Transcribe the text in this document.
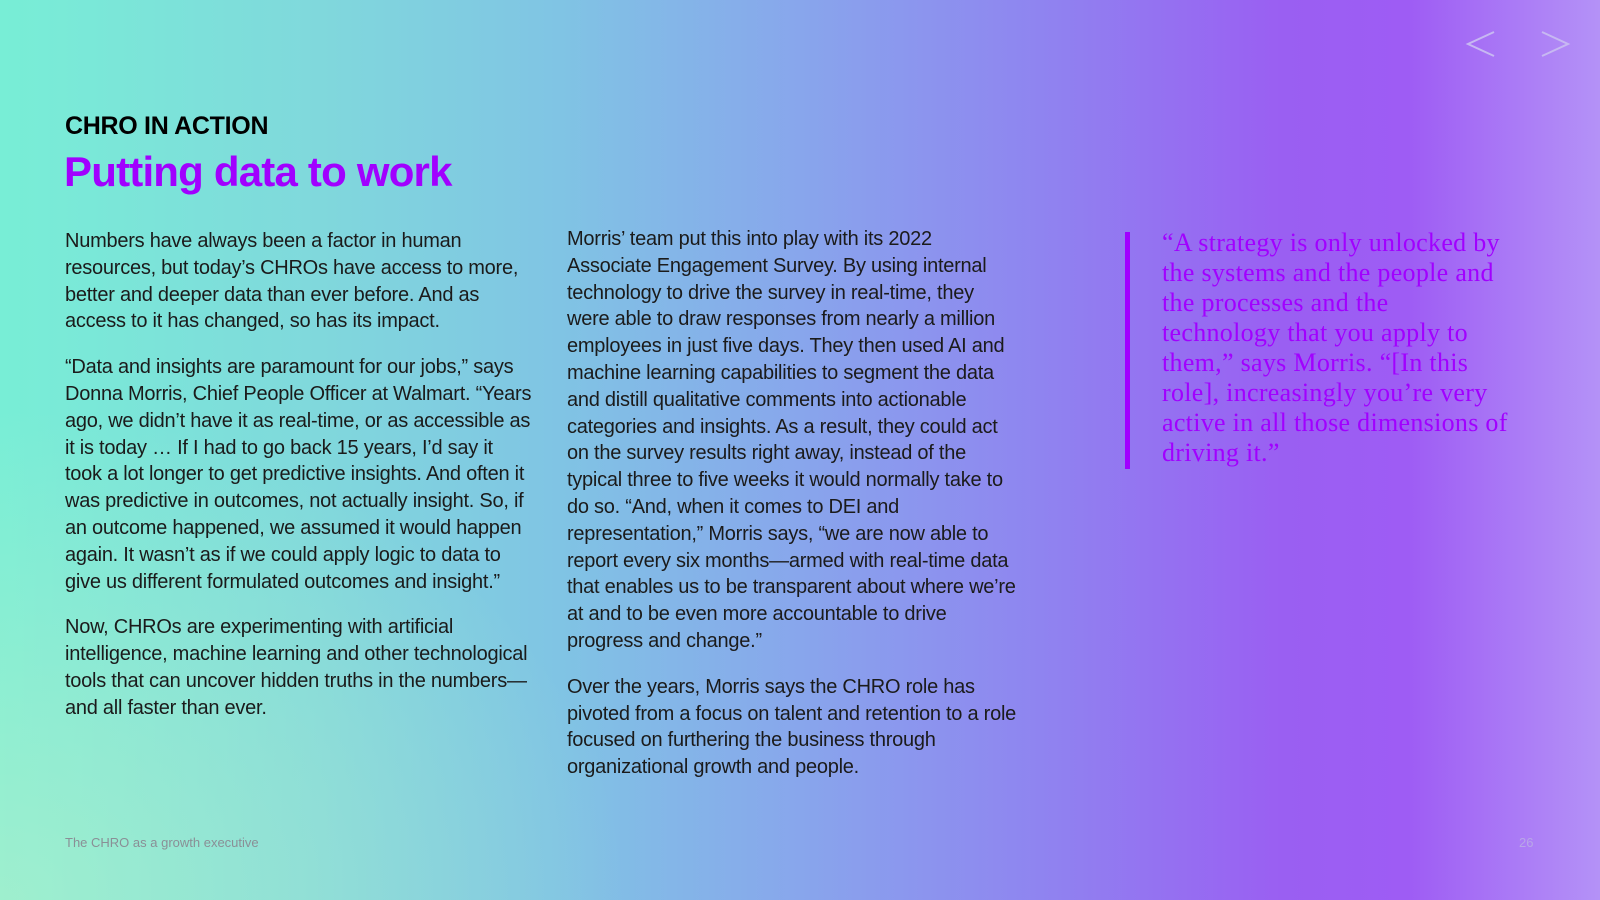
CHRO IN ACTION
Putting data to work

Numbers have always been a factor in human resources, but today’s CHROs have access to more, better and deeper data than ever before. And as access to it has changed, so has its impact.

“Data and insights are paramount for our jobs,” says Donna Morris, Chief People Officer at Walmart. “Years ago, we didn’t have it as real-time, or as accessible as it is today … If I had to go back 15 years, I’d say it took a lot longer to get predictive insights. And often it was predictive in outcomes, not actually insight. So, if an outcome happened, we assumed it would happen again. It wasn’t as if we could apply logic to data to give us different formulated outcomes and insight.”

Now, CHROs are experimenting with artificial intelligence, machine learning and other technological tools that can uncover hidden truths in the numbers—and all faster than ever.

Morris’ team put this into play with its 2022 Associate Engagement Survey. By using internal technology to drive the survey in real-time, they were able to draw responses from nearly a million employees in just five days. They then used AI and machine learning capabilities to segment the data and distill qualitative comments into actionable categories and insights. As a result, they could act on the survey results right away, instead of the typical three to five weeks it would normally take to do so. “And, when it comes to DEI and representation,” Morris says, “we are now able to report every six months—armed with real-time data that enables us to be transparent about where we’re at and to be even more accountable to drive progress and change.”

Over the years, Morris says the CHRO role has pivoted from a focus on talent and retention to a role focused on furthering the business through organizational growth and people.

“A strategy is only unlocked by the systems and the people and the processes and the technology that you apply to them,” says Morris. “[In this role], increasingly you’re very active in all those dimensions of driving it.”
The CHRO as a growth executive	26
